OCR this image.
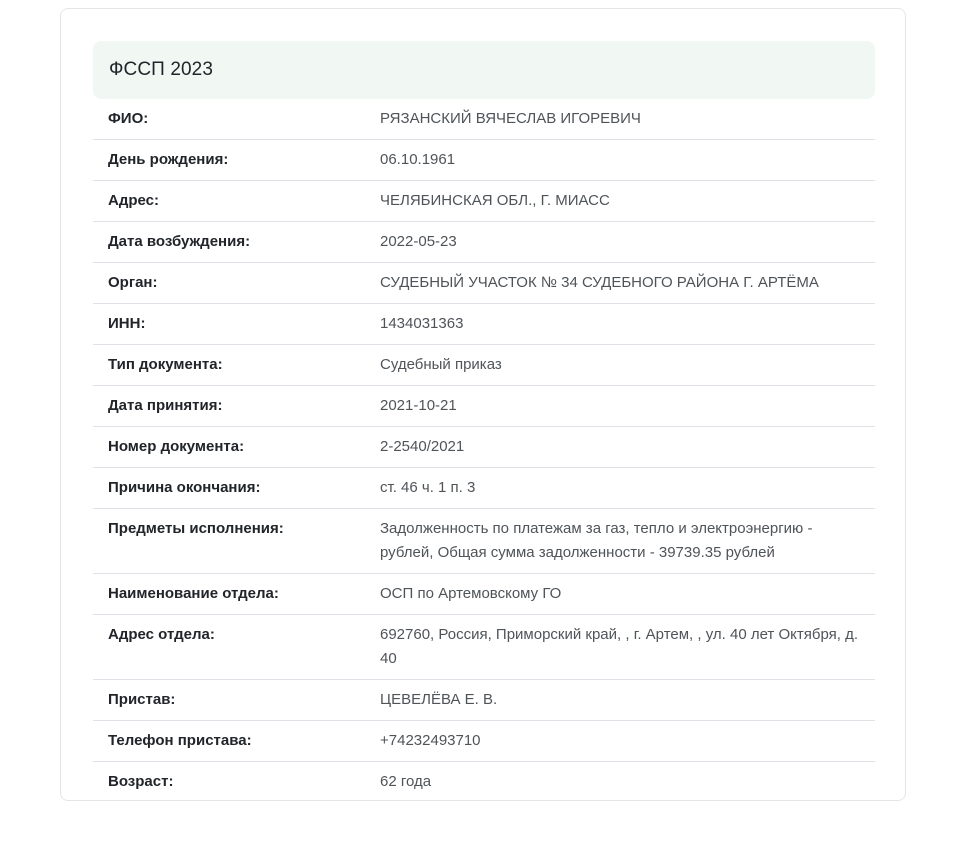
ФССП 2023
ФИО:	РЯЗАНСКИЙ ВЯЧЕСЛАВ ИГОРЕВИЧ
День рождения:	06.10.1961
Адрес:	ЧЕЛЯБИНСКАЯ ОБЛ., Г. МИАСС
Дата возбуждения:	2022-05-23
Орган:	СУДЕБНЫЙ УЧАСТОК № 34 СУДЕБНОГО РАЙОНА Г. АРТЁМА
ИНН:	1434031363
Тип документа:	Судебный приказ
Дата принятия:	2021-10-21
Номер документа:	2-2540/2021
Причина окончания:	ст. 46 ч. 1 п. 3
Предметы исполнения:	Задолженность по платежам за газ, тепло и электроэнергию - рублей, Общая сумма задолженности - 39739.35 рублей
Наименование отдела:	ОСП по Артемовскому ГО
Адрес отдела:	692760, Россия, Приморский край, , г. Артем, , ул. 40 лет Октября, д. 40
Пристав:	ЦЕВЕЛЁВА Е. В.
Телефон пристава:	+74232493710
Возраст:	62 года
